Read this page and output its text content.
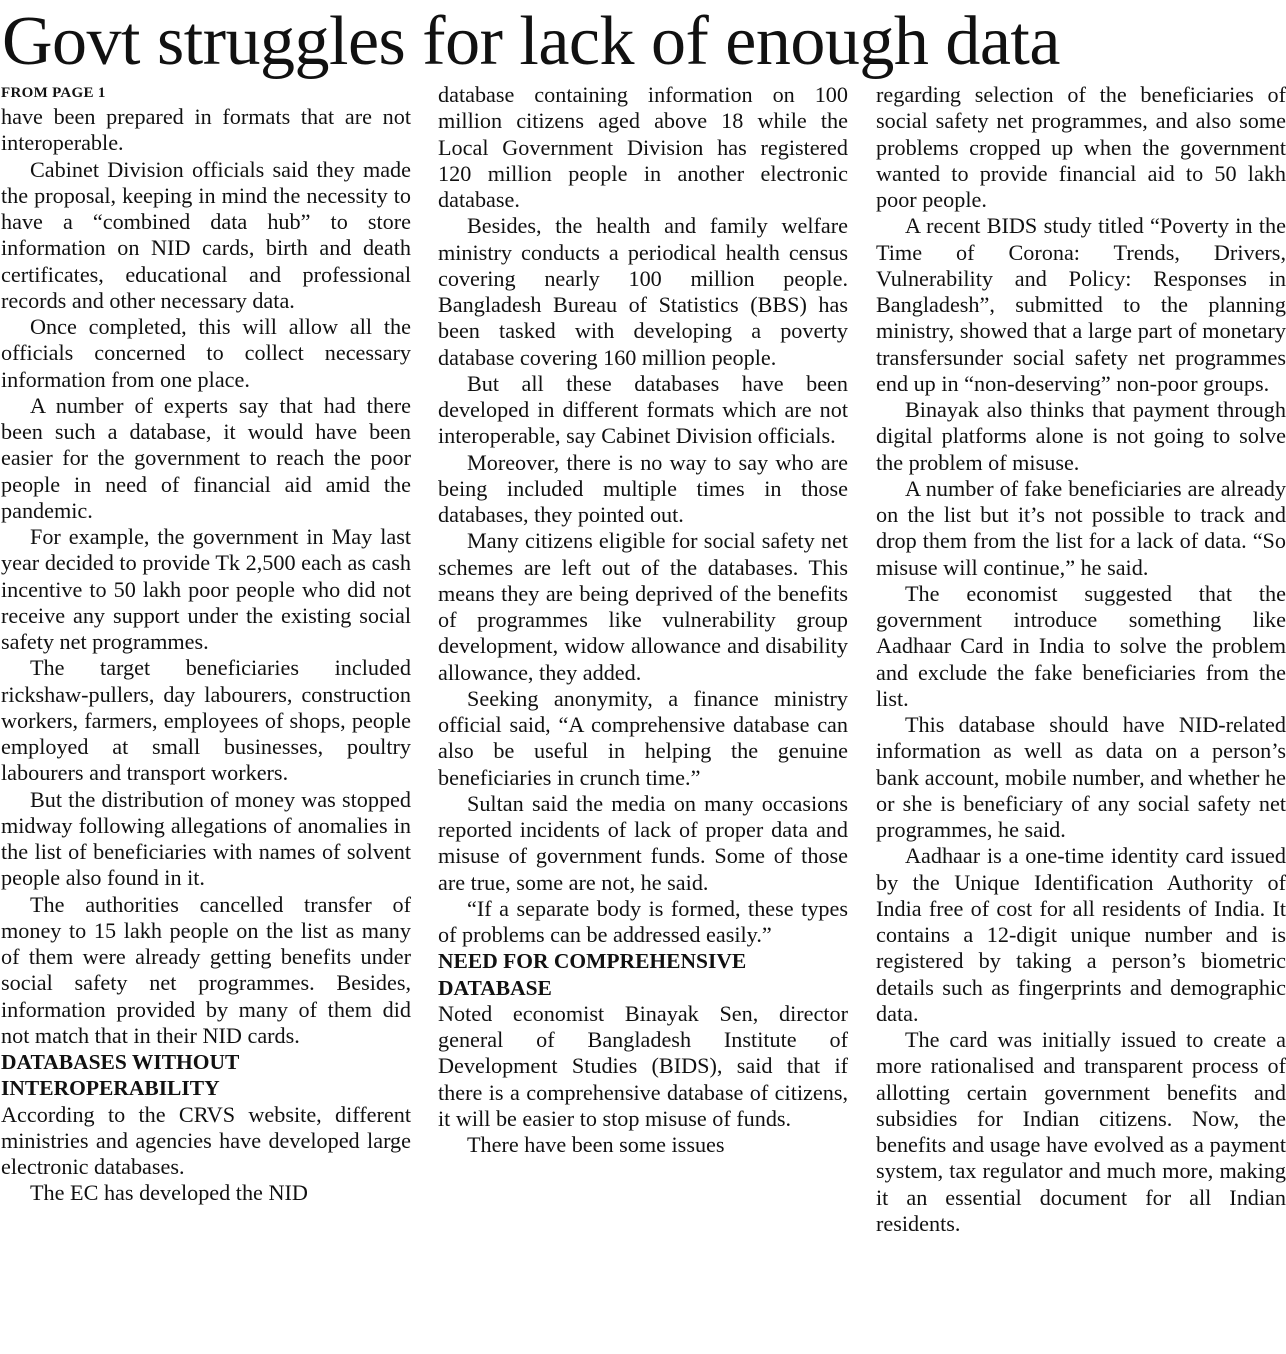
Govt struggles for lack of enough data
FROM PAGE 1

have been prepared in formats that are not interoperable.

Cabinet Division officials said they made the proposal, keeping in mind the necessity to have a “combined data hub” to store information on NID cards, birth and death certificates, educational and professional records and other necessary data.

Once completed, this will allow all the officials concerned to collect necessary information from one place.

A number of experts say that had there been such a database, it would have been easier for the government to reach the poor people in need of financial aid amid the pandemic.

For example, the government in May last year decided to provide Tk 2,500 each as cash incentive to 50 lakh poor people who did not receive any support under the existing social safety net programmes.

The target beneficiaries included rickshaw-pullers, day labourers, construction workers, farmers, employees of shops, people employed at small businesses, poultry labourers and transport workers.

But the distribution of money was stopped midway following allegations of anomalies in the list of beneficiaries with names of solvent people also found in it.

The authorities cancelled transfer of money to 15 lakh people on the list as many of them were already getting benefits under social safety net programmes. Besides, information provided by many of them did not match that in their NID cards.

DATABASES WITHOUT INTEROPERABILITY

According to the CRVS website, different ministries and agencies have developed large electronic databases.

The EC has developed the NID

database containing information on 100 million citizens aged above 18 while the Local Government Division has registered 120 million people in another electronic database.

Besides, the health and family welfare ministry conducts a periodical health census covering nearly 100 million people. Bangladesh Bureau of Statistics (BBS) has been tasked with developing a poverty database covering 160 million people.

But all these databases have been developed in different formats which are not interoperable, say Cabinet Division officials.

Moreover, there is no way to say who are being included multiple times in those databases, they pointed out.

Many citizens eligible for social safety net schemes are left out of the databases. This means they are being deprived of the benefits of programmes like vulnerability group development, widow allowance and disability allowance, they added.

Seeking anonymity, a finance ministry official said, “A comprehensive database can also be useful in helping the genuine beneficiaries in crunch time.”

Sultan said the media on many occasions reported incidents of lack of proper data and misuse of government funds. Some of those are true, some are not, he said.

“If a separate body is formed, these types of problems can be addressed easily.”

NEED FOR COMPREHENSIVE DATABASE

Noted economist Binayak Sen, director general of Bangladesh Institute of Development Studies (BIDS), said that if there is a comprehensive database of citizens, it will be easier to stop misuse of funds.

There have been some issues

regarding selection of the beneficiaries of social safety net programmes, and also some problems cropped up when the government wanted to provide financial aid to 50 lakh poor people.

A recent BIDS study titled “Poverty in the Time of Corona: Trends, Drivers, Vulnerability and Policy: Responses in Bangladesh”, submitted to the planning ministry, showed that a large part of monetary transfersunder social safety net programmes end up in “non-deserving” non-poor groups.

Binayak also thinks that payment through digital platforms alone is not going to solve the problem of misuse.

A number of fake beneficiaries are already on the list but it’s not possible to track and drop them from the list for a lack of data. “So misuse will continue,” he said.

The economist suggested that the government introduce something like Aadhaar Card in India to solve the problem and exclude the fake beneficiaries from the list.

This database should have NID-related information as well as data on a person’s bank account, mobile number, and whether he or she is beneficiary of any social safety net programmes, he said.

Aadhaar is a one-time identity card issued by the Unique Identification Authority of India free of cost for all residents of India. It contains a 12-digit unique number and is registered by taking a person’s biometric details such as fingerprints and demographic data.

The card was initially issued to create a more rationalised and transparent process of allotting certain government benefits and subsidies for Indian citizens. Now, the benefits and usage have evolved as a payment system, tax regulator and much more, making it an essential document for all Indian residents.
